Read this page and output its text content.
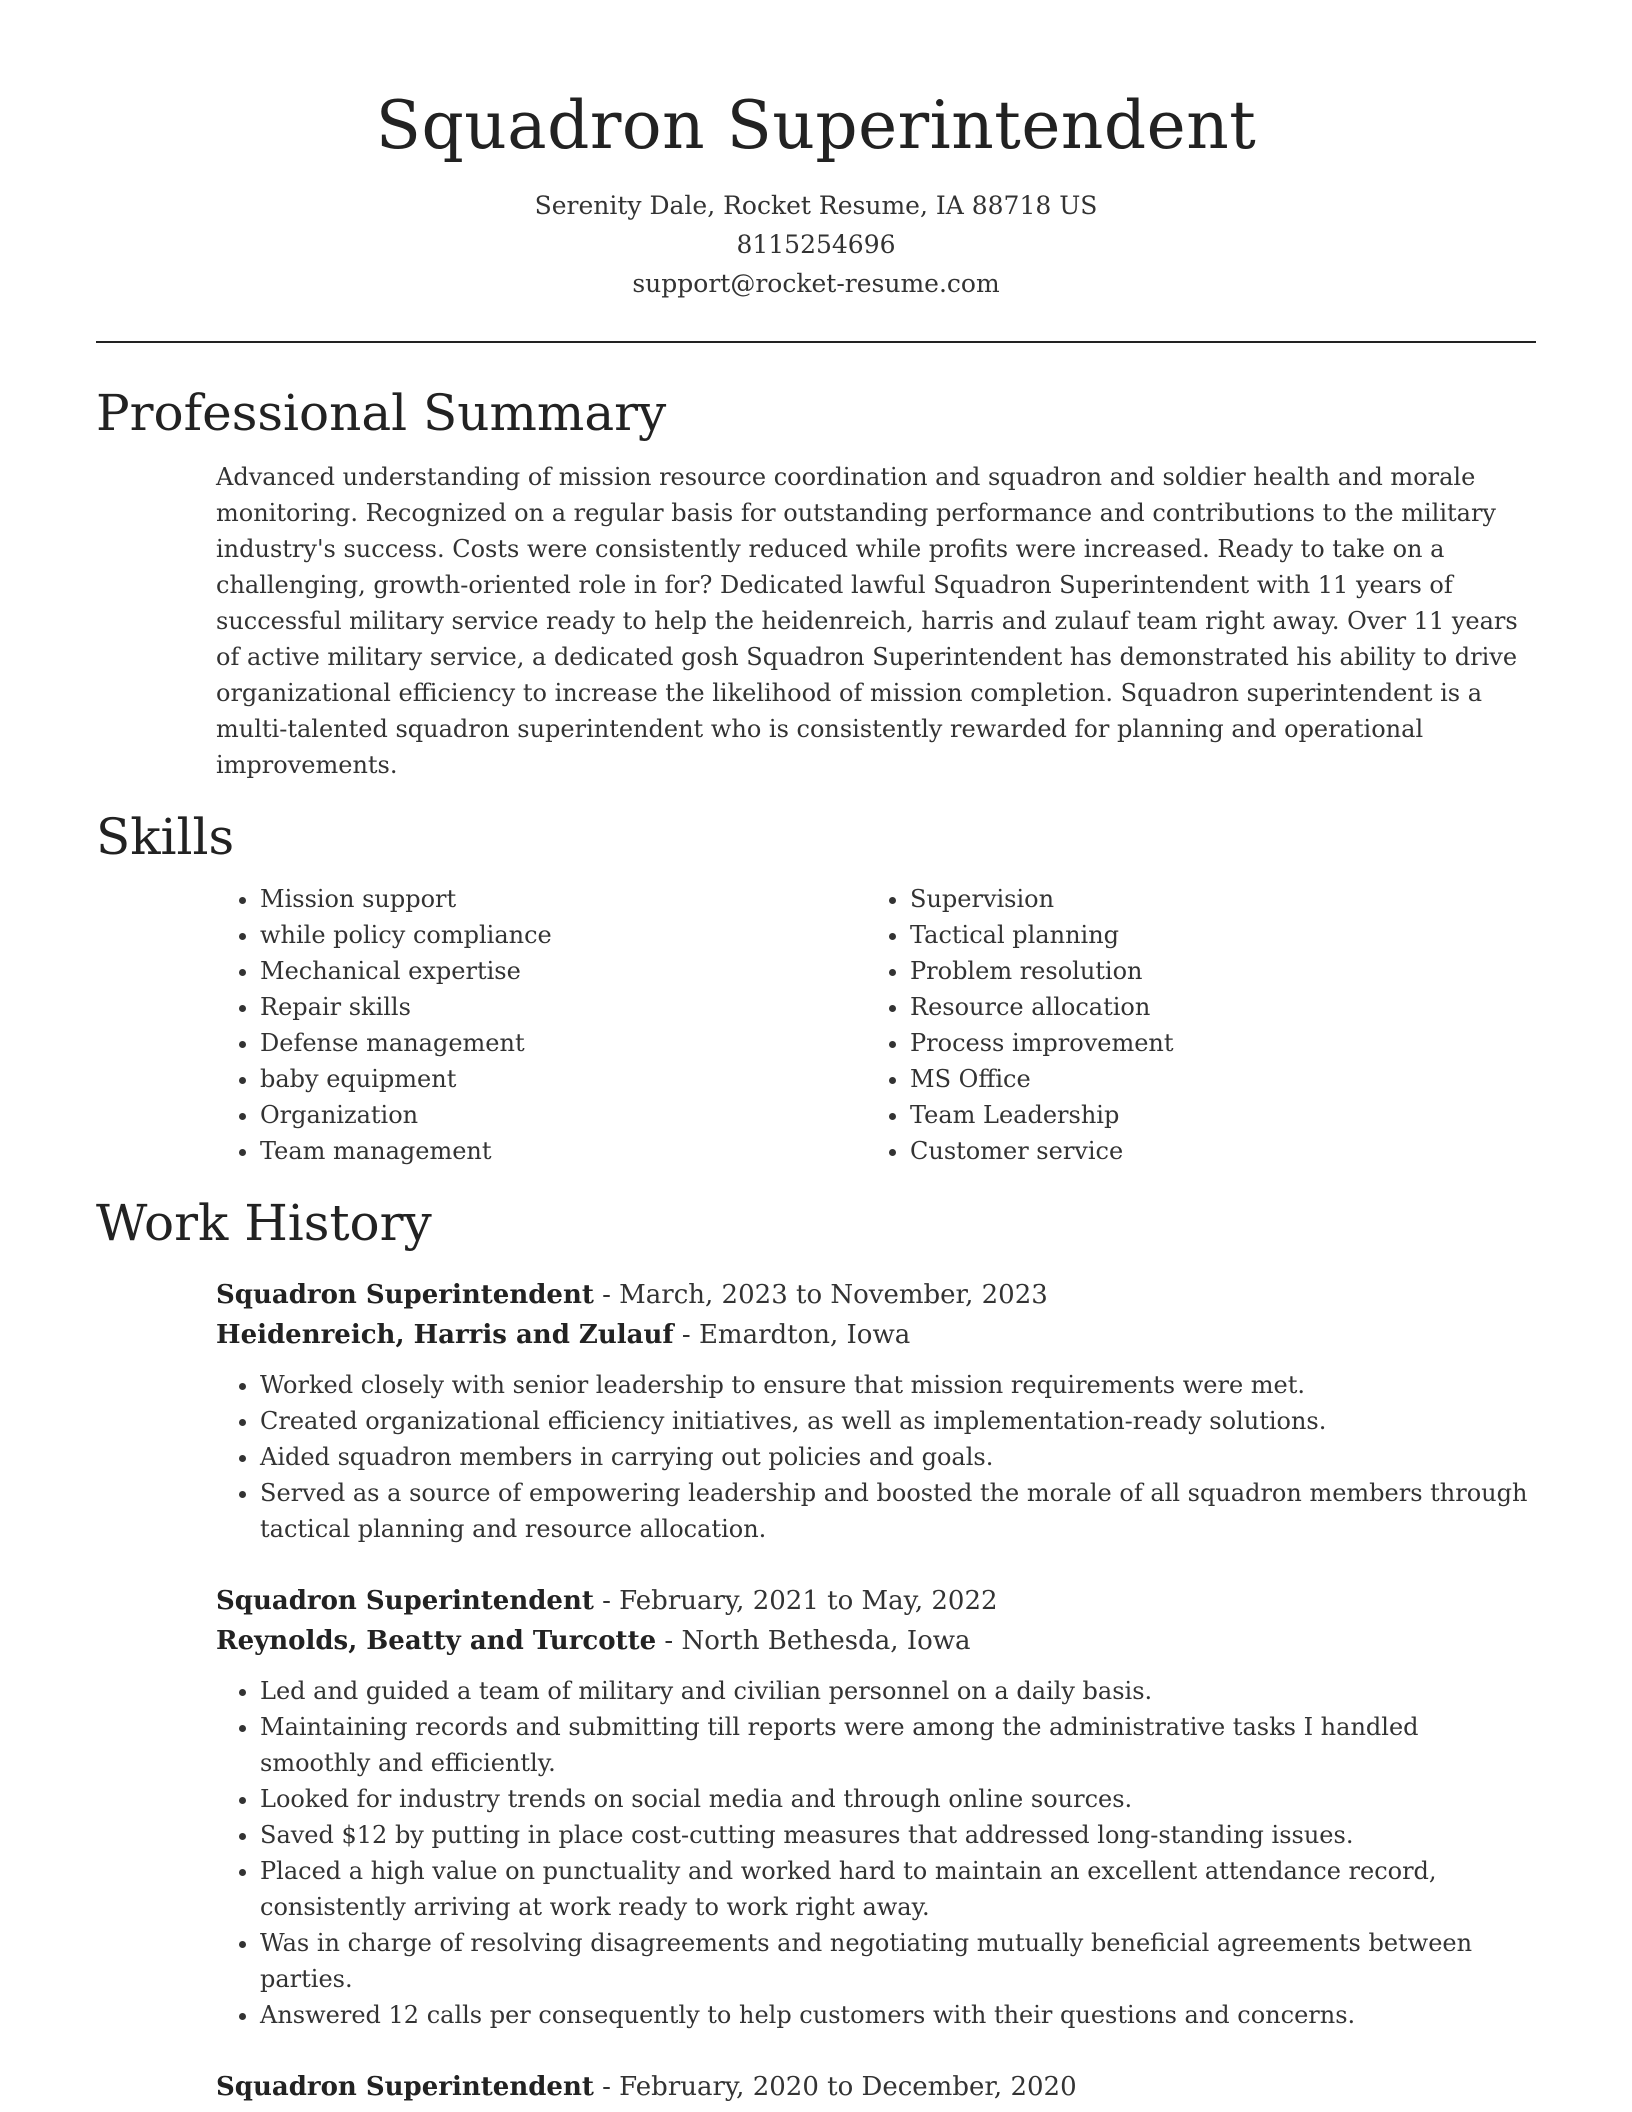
Squadron Superintendent
Serenity Dale, Rocket Resume, IA 88718 US
8115254696
support@rocket-resume.com
Professional Summary

Advanced understanding of mission resource coordination and squadron and soldier health and morale monitoring. Recognized on a regular basis for outstanding performance and contributions to the military industry's success. Costs were consistently reduced while profits were increased. Ready to take on a challenging, growth-oriented role in for? Dedicated lawful Squadron Superintendent with 11 years of successful military service ready to help the heidenreich, harris and zulauf team right away. Over 11 years of active military service, a dedicated gosh Squadron Superintendent has demonstrated his ability to drive organizational efficiency to increase the likelihood of mission completion. Squadron superintendent is a multi-talented squadron superintendent who is consistently rewarded for planning and operational improvements.

Skills
• Mission support
• while policy compliance
• Mechanical expertise
• Repair skills
• Defense management
• baby equipment
• Organization
• Team management
• Supervision
• Tactical planning
• Problem resolution
• Resource allocation
• Process improvement
• MS Office
• Team Leadership
• Customer service
Work History
Squadron Superintendent - March, 2023 to November, 2023
Heidenreich, Harris and Zulauf - Emardton, Iowa
• Worked closely with senior leadership to ensure that mission requirements were met.
• Created organizational efficiency initiatives, as well as implementation-ready solutions.
• Aided squadron members in carrying out policies and goals.
• Served as a source of empowering leadership and boosted the morale of all squadron members through tactical planning and resource allocation.
Squadron Superintendent - February, 2021 to May, 2022
Reynolds, Beatty and Turcotte - North Bethesda, Iowa
• Led and guided a team of military and civilian personnel on a daily basis.
• Maintaining records and submitting till reports were among the administrative tasks I handled smoothly and efficiently.
• Looked for industry trends on social media and through online sources.
• Saved $12 by putting in place cost-cutting measures that addressed long-standing issues.
• Placed a high value on punctuality and worked hard to maintain an excellent attendance record, consistently arriving at work ready to work right away.
• Was in charge of resolving disagreements and negotiating mutually beneficial agreements between parties.
• Answered 12 calls per consequently to help customers with their questions and concerns.
Squadron Superintendent - February, 2020 to December, 2020
